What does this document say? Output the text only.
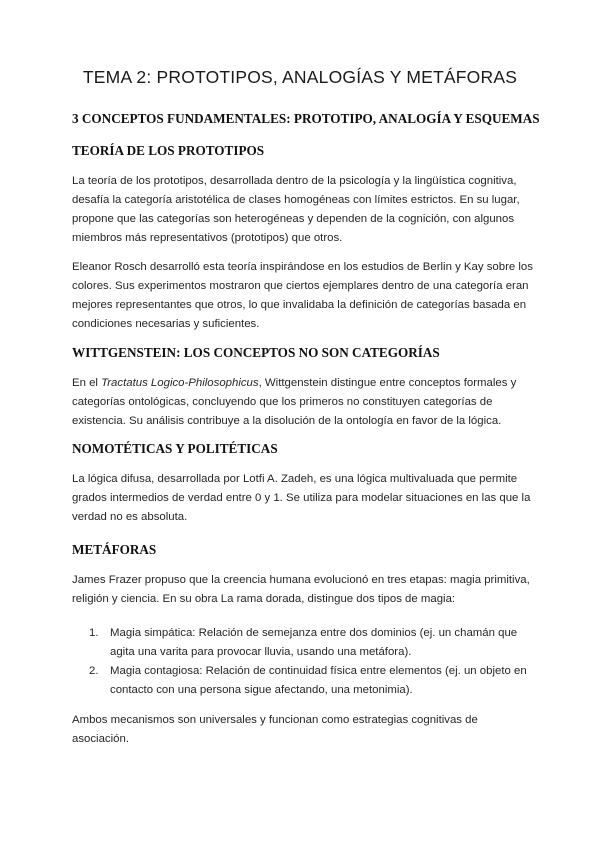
TEMA 2: PROTOTIPOS, ANALOGÍAS Y METÁFORAS
3 CONCEPTOS FUNDAMENTALES: PROTOTIPO, ANALOGÍA Y ESQUEMAS
TEORÍA DE LOS PROTOTIPOS

La teoría de los prototipos, desarrollada dentro de la psicología y la lingüística cognitiva, desafía la categoría aristotélica de clases homogéneas con límites estrictos. En su lugar, propone que las categorías son heterogéneas y dependen de la cognición, con algunos miembros más representativos (prototipos) que otros.

Eleanor Rosch desarrolló esta teoría inspirándose en los estudios de Berlin y Kay sobre los colores. Sus experimentos mostraron que ciertos ejemplares dentro de una categoría eran mejores representantes que otros, lo que invalidaba la definición de categorías basada en condiciones necesarias y suficientes.

WITTGENSTEIN: LOS CONCEPTOS NO SON CATEGORÍAS

En el Tractatus Logico-Philosophicus, Wittgenstein distingue entre conceptos formales y categorías ontológicas, concluyendo que los primeros no constituyen categorías de existencia. Su análisis contribuye a la disolución de la ontología en favor de la lógica.

NOMOTÉTICAS Y POLITÉTICAS

La lógica difusa, desarrollada por Lotfi A. Zadeh, es una lógica multivaluada que permite grados intermedios de verdad entre 0 y 1. Se utiliza para modelar situaciones en las que la verdad no es absoluta.

METÁFORAS

James Frazer propuso que la creencia humana evolucionó en tres etapas: magia primitiva, religión y ciencia. En su obra La rama dorada, distingue dos tipos de magia:

1. Magia simpática: Relación de semejanza entre dos dominios (ej. un chamán que agita una varita para provocar lluvia, usando una metáfora).
2. Magia contagiosa: Relación de continuidad física entre elementos (ej. un objeto en contacto con una persona sigue afectando, una metonimia).

Ambos mecanismos son universales y funcionan como estrategias cognitivas de asociación.
